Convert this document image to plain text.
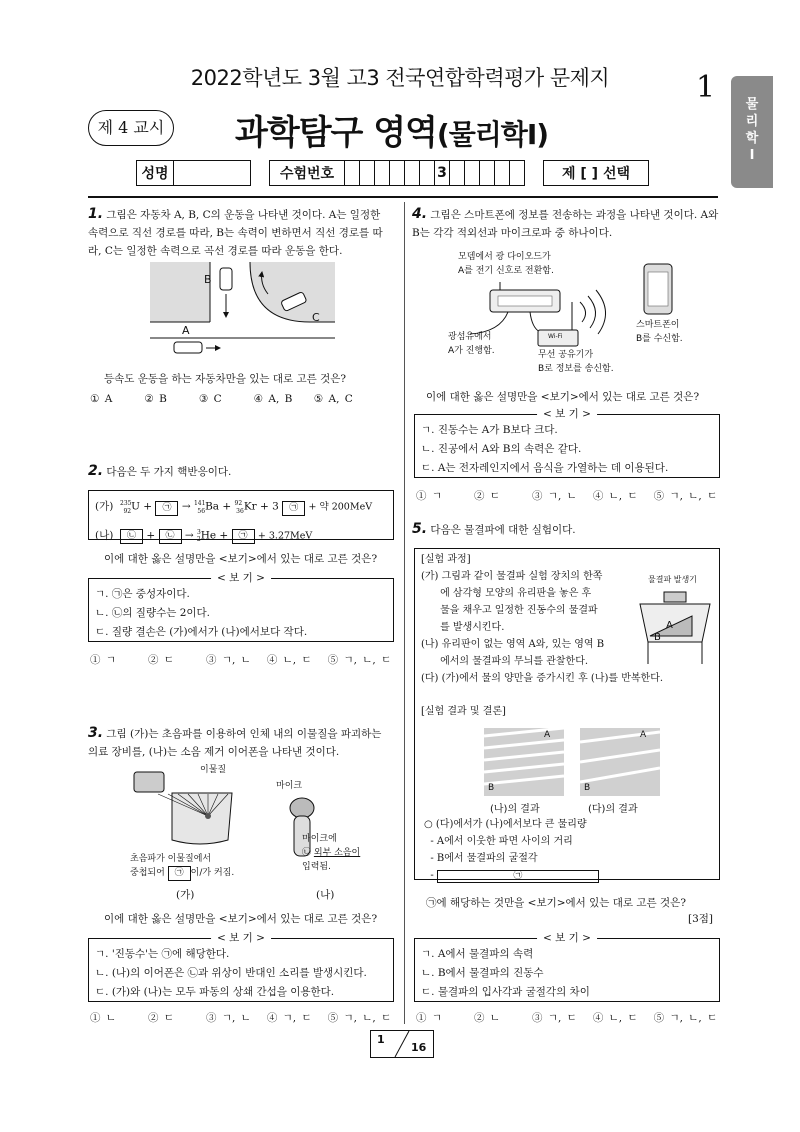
2022학년도 3월 고3 전국연합학력평가 문제지	1	물
리
학
Ⅰ
제 4 교시 과학탐구 영역(물리학Ⅰ)
성명			수험번호							3							제 [ ] 선택
1. 그림은 자동차 A, B, C의 운동을 나타낸 것이다. A는 일정한 속력으로 직선 경로를 따라, B는 속력이 변하면서 직선 경로를 따라, C는 일정한 속력으로 곡선 경로를 따라 운동을 한다.
B
C
A
등속도 운동을 하는 자동차만을 있는 대로 고른 것은?
① A      ② B      ③ C      ④ A, B    ⑤ A, C
2. 다음은 두 가지 핵반응이다.
(가) $^{235}_{92}$U + ㉠ → $^{141}_{56}$Ba + $^{92}_{36}$Kr + 3 ㉠ + 약 200MeV
(나) ㉡ + ㉡ → $^3_2$He + ㉠ + 3.27MeV
이에 대한 옳은 설명만을 <보기>에서 있는 대로 고른 것은?
< 보 기 >
ㄱ. ㉠은 중성자이다.
ㄴ. ㉡의 질량수는 2이다.
ㄷ. 질량 결손은 (가)에서가 (나)에서보다 작다.
① ㄱ      ② ㄷ      ③ ㄱ, ㄴ   ④ ㄴ, ㄷ   ⑤ ㄱ, ㄴ, ㄷ
3. 그림 (가)는 초음파를 이용하여 인체 내의 이물질을 파괴하는 의료 장비를, (나)는 소음 제거 이어폰을 나타낸 것이다.
이물질
마이크
초음파가 이물질에서
중첩되어 ㉠ 이/가 커짐.
마이크에
㉡ 외부 소음이
입력됨.
(가)	(나)
이에 대한 옳은 설명만을 <보기>에서 있는 대로 고른 것은?
< 보 기 >
ㄱ. '진동수'는 ㉠에 해당한다.
ㄴ. (나)의 이어폰은 ㉡과 위상이 반대인 소리를 발생시킨다.
ㄷ. (가)와 (나)는 모두 파동의 상쇄 간섭을 이용한다.
① ㄴ      ② ㄷ      ③ ㄱ, ㄴ   ④ ㄱ, ㄷ   ⑤ ㄱ, ㄴ, ㄷ
4. 그림은 스마트폰에 정보를 전송하는 과정을 나타낸 것이다. A와 B는 각각 적외선과 마이크로파 중 하나이다.
모뎀에서 광 다이오드가
A를 전기 신호로 전환함.
Wi-Fi
광섬유에서
A가 진행함.	무선 공유기가
B로 정보를 송신함.
스마트폰이
B를 수신함.
이에 대한 옳은 설명만을 <보기>에서 있는 대로 고른 것은?
< 보 기 >
ㄱ. 진동수는 A가 B보다 크다.
ㄴ. 진공에서 A와 B의 속력은 같다.
ㄷ. A는 전자레인지에서 음식을 가열하는 데 이용된다.
① ㄱ      ② ㄷ      ③ ㄱ, ㄴ   ④ ㄴ, ㄷ   ⑤ ㄱ, ㄴ, ㄷ
5. 다음은 물결파에 대한 실험이다.
[실험 과정]
(가) 그림과 같이 물결파 실험 장치의 한쪽
에 삼각형 모양의 유리판을 놓은 후
물을 채우고 일정한 진동수의 물결파
를 발생시킨다.
(나) 유리판이 없는 영역 A와, 있는 영역 B
에서의 물결파의 무늬를 관찰한다.
(다) (가)에서 물의 양만을 증가시킨 후 (나)를 반복한다.
[실험 결과 및 결론]
물결파 발생기
A
B
A
B
A
B
(나)의 결과	(다)의 결과
○ (다)에서가 (나)에서보다 큰 물리량
- A에서 이웃한 파면 사이의 거리
- B에서 물결파의 굴절각
-	㉠
㉠에 해당하는 것만을 <보기>에서 있는 대로 고른 것은?
[3점]
< 보 기 >
ㄱ. A에서 물결파의 속력
ㄴ. B에서 물결파의 진동수
ㄷ. 물결파의 입사각과 굴절각의 차이
① ㄱ      ② ㄴ      ③ ㄱ, ㄷ   ④ ㄴ, ㄷ   ⑤ ㄱ, ㄴ, ㄷ
1
16
